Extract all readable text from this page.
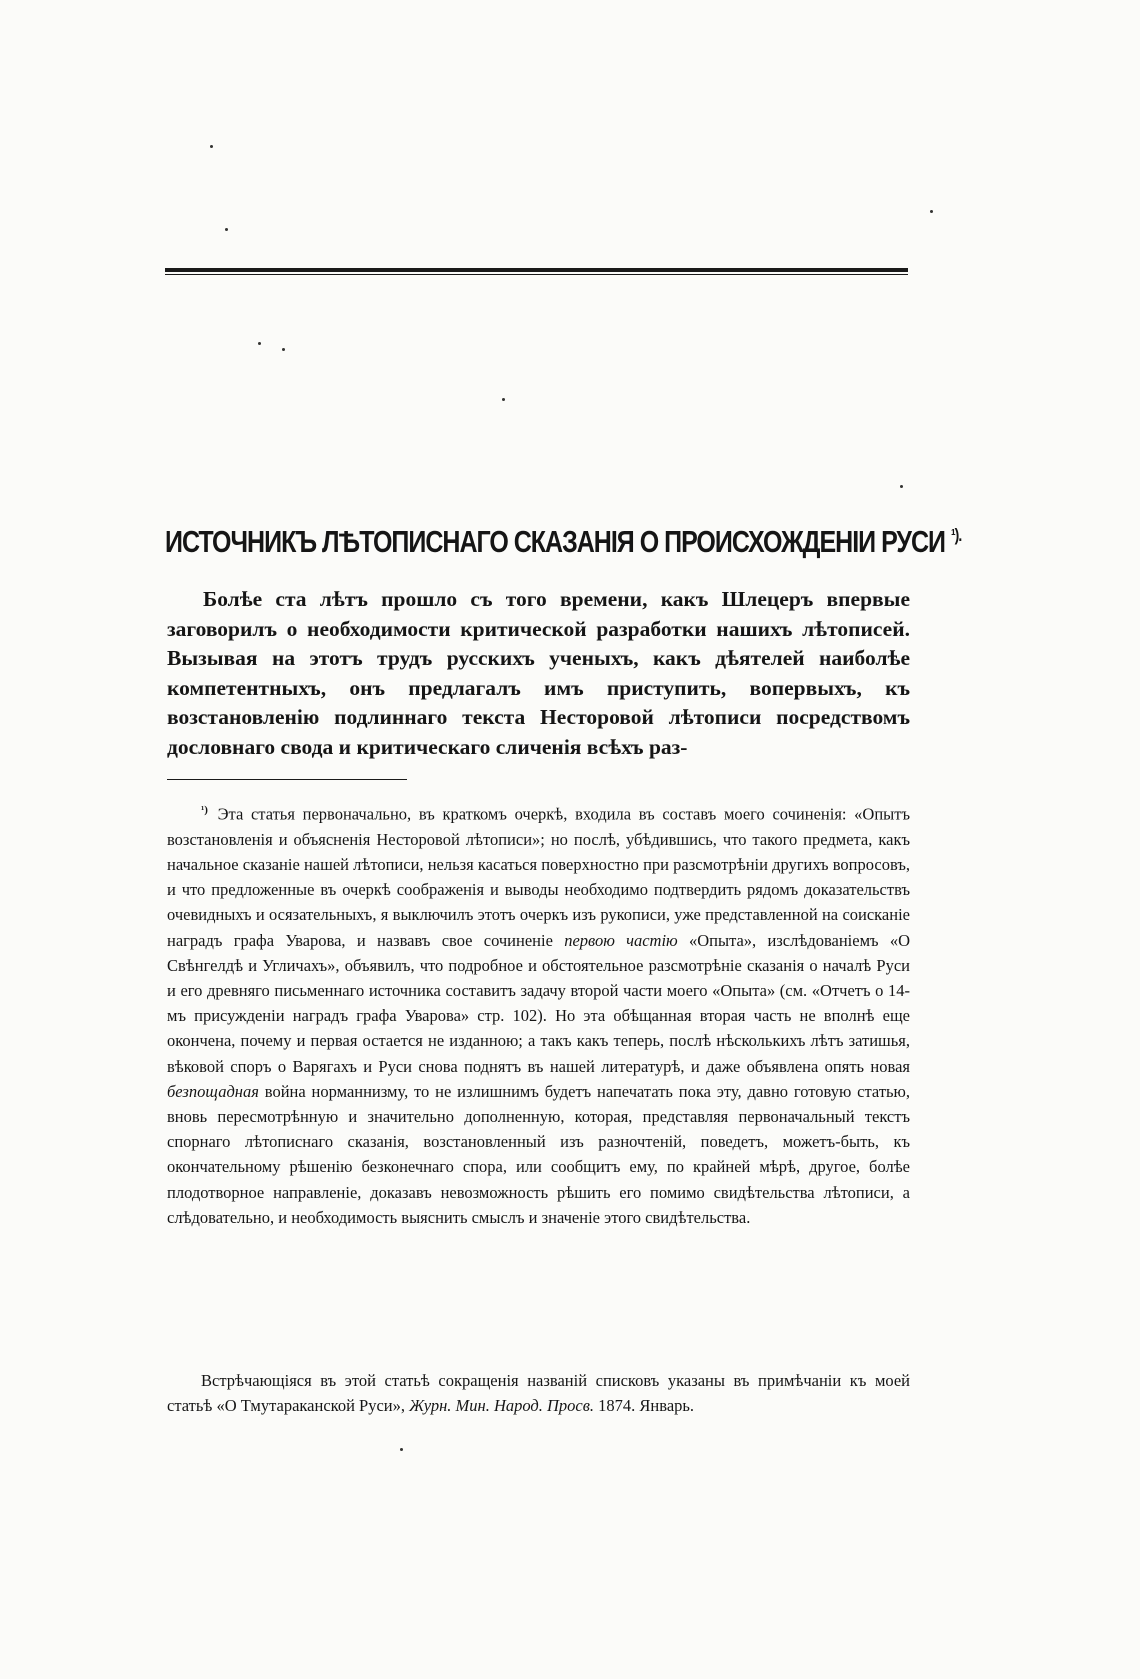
ИСТОЧНИКЪ ЛѢТОПИСНАГО СКАЗАНІЯ О ПРОИСХОЖДЕНІИ РУСИ $^{^1).}$

Болѣе ста лѣтъ прошло съ того времени, какъ Шлецеръ впервые заговорилъ о необходимости критической разработки нашихъ лѣтописей. Вызывая на этотъ трудъ русскихъ ученыхъ, какъ дѣятелей наиболѣе компетентныхъ, онъ предлагалъ имъ приступить, вопервыхъ, къ возстановленію подлиннаго текста Несторовой лѣтописи посредствомъ дословнаго свода и критическаго сличенія всѣхъ раз-

$^{^1)}$ Эта статья первоначально, въ краткомъ очеркѣ, входила въ составъ моего сочиненія: «Опытъ возстановленія и объясненія Несторовой лѣтописи»; но послѣ, убѣдившись, что такого предмета, какъ начальное сказаніе нашей лѣтописи, нельзя касаться поверхностно при разсмотрѣніи другихъ вопросовъ, и что предложенные въ очеркѣ соображенія и выводы необходимо подтвердить рядомъ доказательствъ очевидныхъ и осязательныхъ, я выключилъ этотъ очеркъ изъ рукописи, уже представленной на соисканіе наградъ графа Уварова, и назвавъ свое сочиненіе первою частію «Опыта», изслѣдованіемъ «О Свѣнгелдѣ и Угличахъ», объявилъ, что подробное и обстоятельное разсмотрѣніе сказанія о началѣ Руси и его древняго письменнаго источника составитъ задачу второй части моего «Опыта» (см. «Отчетъ о 14-мъ присужденіи наградъ графа Уварова» стр. 102). Но эта обѣщанная вторая часть не вполнѣ еще окончена, почему и первая остается не изданною; а такъ какъ теперь, послѣ нѣсколькихъ лѣтъ затишья, вѣковой споръ о Варягахъ и Руси снова поднятъ въ нашей литературѣ, и даже объявлена опять новая безпощадная война норманнизму, то не излишнимъ будетъ напечатать пока эту, давно готовую статью, вновь пересмотрѣнную и значительно дополненную, которая, представляя первоначальный текстъ спорнаго лѣтописнаго сказанія, возстановленный изъ разночтеній, поведетъ, можетъ-быть, къ окончательному рѣшенію безконечнаго спора, или сообщитъ ему, по крайней мѣрѣ, другое, болѣе плодотворное направленіе, доказавъ невозможность рѣшить его помимо свидѣтельства лѣтописи, а слѣдовательно, и необходимость выяснить смыслъ и значеніе этого свидѣтельства.

Встрѣчающіяся въ этой статьѣ сокращенія названій списковъ указаны въ примѣчаніи къ моей статьѣ «О Тмутараканской Руси», Журн. Мин. Народ. Просв. 1874. Январь.
